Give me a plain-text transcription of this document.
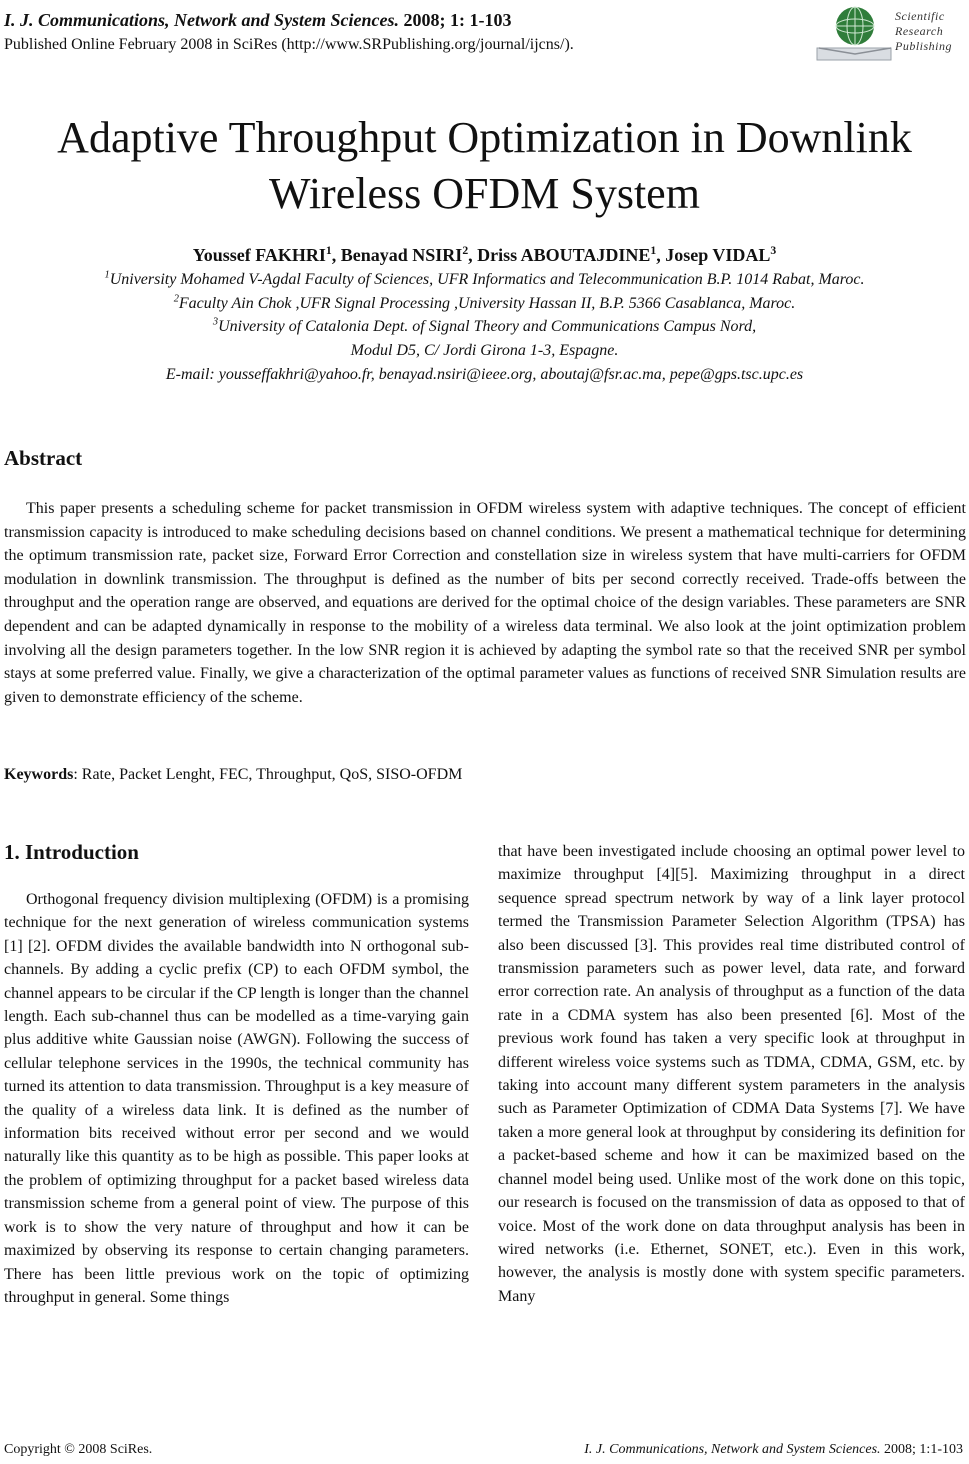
I. J. Communications, Network and System Sciences. 2008; 1: 1-103
Published Online February 2008 in SciRes (http://www.SRPublishing.org/journal/ijcns/).
Scientific
Research
Publishing
Adaptive Throughput Optimization in Downlink
Wireless OFDM System
Youssef FAKHRI$^1$, Benayad NSIRI$^2$, Driss ABOUTAJDINE$^1$, Josep VIDAL$^3$
$^1$University Mohamed V-Agdal Faculty of Sciences, UFR Informatics and Telecommunication B.P. 1014 Rabat, Maroc.
$^2$Faculty Ain Chok ,UFR Signal Processing ,University Hassan II, B.P. 5366 Casablanca, Maroc.
$^3$University of Catalonia Dept. of Signal Theory and Communications Campus Nord,
Modul D5, C/ Jordi Girona 1-3, Espagne.
E-mail: yousseffakhri@yahoo.fr, benayad.nsiri@ieee.org, aboutaj@fsr.ac.ma, pepe@gps.tsc.upc.es
Abstract
This paper presents a scheduling scheme for packet transmission in OFDM wireless system with adaptive techniques. The concept of efficient transmission capacity is introduced to make scheduling decisions based on channel conditions. We present a mathematical technique for determining the optimum transmission rate, packet size, Forward Error Correction and constellation size in wireless system that have multi-carriers for OFDM modulation in downlink transmission. The throughput is defined as the number of bits per second correctly received. Trade-offs between the throughput and the operation range are observed, and equations are derived for the optimal choice of the design variables. These parameters are SNR dependent and can be adapted dynamically in response to the mobility of a wireless data terminal. We also look at the joint optimization problem involving all the design parameters together. In the low SNR region it is achieved by adapting the symbol rate so that the received SNR per symbol stays at some preferred value. Finally, we give a characterization of the optimal parameter values as functions of received SNR Simulation results are given to demonstrate efficiency of the scheme.
Keywords: Rate, Packet Lenght, FEC, Throughput, QoS, SISO-OFDM
1. Introduction
Orthogonal frequency division multiplexing (OFDM) is a promising technique for the next generation of wireless communication systems [1] [2]. OFDM divides the available bandwidth into N orthogonal sub-channels. By adding a cyclic prefix (CP) to each OFDM symbol, the channel appears to be circular if the CP length is longer than the channel length. Each sub-channel thus can be modelled as a time-varying gain plus additive white Gaussian noise (AWGN). Following the success of cellular telephone services in the 1990s, the technical community has turned its attention to data transmission. Throughput is a key measure of the quality of a wireless data link. It is defined as the number of information bits received without error per second and we would naturally like this quantity as to be high as possible. This paper looks at the problem of optimizing throughput for a packet based wireless data transmission scheme from a general point of view. The purpose of this work is to show the very nature of throughput and how it can be maximized by observing its response to certain changing parameters. There has been little previous work on the topic of optimizing throughput in general. Some things
that have been investigated include choosing an optimal power level to maximize throughput [4][5]. Maximizing throughput in a direct sequence spread spectrum network by way of a link layer protocol termed the Transmission Parameter Selection Algorithm (TPSA) has also been discussed [3]. This provides real time distributed control of transmission parameters such as power level, data rate, and forward error correction rate. An analysis of throughput as a function of the data rate in a CDMA system has also been presented [6]. Most of the previous work found has taken a very specific look at throughput in different wireless voice systems such as TDMA, CDMA, GSM, etc. by taking into account many different system parameters in the analysis such as Parameter Optimization of CDMA Data Systems [7]. We have taken a more general look at throughput by considering its definition for a packet-based scheme and how it can be maximized based on the channel model being used. Unlike most of the work done on this topic, our research is focused on the transmission of data as opposed to that of voice. Most of the work done on data throughput analysis has been in wired networks (i.e. Ethernet, SONET, etc.). Even in this work, however, the analysis is mostly done with system specific parameters. Many
Copyright © 2008 SciRes.	I. J. Communications, Network and System Sciences. 2008; 1:1-103
